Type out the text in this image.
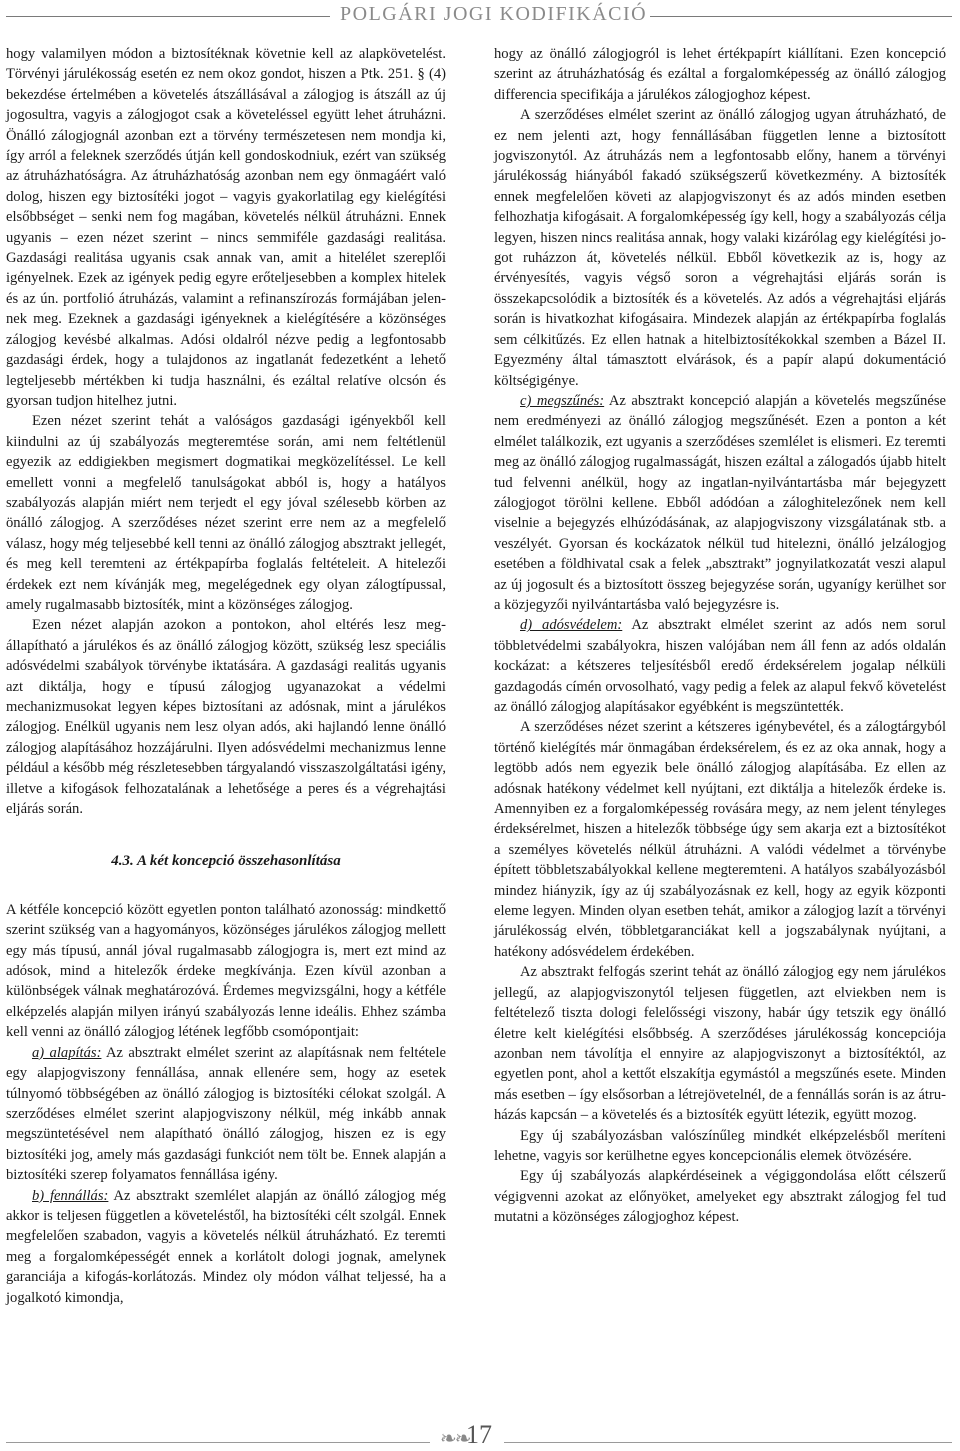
POLGÁRI JOGI KODIFIKÁCIÓ

hogy valamilyen módon a biztosítéknak követnie kell az alapkövetelést. Törvényi járulékosság esetén ez nem okoz gondot, hiszen a Ptk. 251. § (4) bekezdése értelmében a követelés átszállásával a zálogjog is átszáll az új jogosultra, vagyis a zálogjogot csak a követeléssel együtt lehet átruházni. Önálló zálogjognál azonban ezt a törvény természetesen nem mondja ki, így arról a feleknek szerződés útján kell gondoskodniuk, ezért van szükség az átruházhatóságra. Az átruházhatóság azonban nem egy önmagáért való dolog, hiszen egy biztosítéki jogot – vagyis gyakorlatilag egy kielégítési elsőbbséget – senki nem fog magában, követelés nélkül átruházni. Ennek ugyanis – ezen nézet szerint – nincs semmiféle gazdasági realitása. Gazdasági realitása ugyanis csak annak van, amit a hitelélet szereplői igényelnek. Ezek az igények pedig egyre erőteljesebben a komplex hitelek és az ún. portfolió átruházás, valamint a refinanszírozás formájában jelennek meg. Ezeknek a gazdasági igényeknek a kielégítésére a közönséges zálogjog kevésbé alkalmas. Adósi oldalról nézve pedig a legfontosabb gazdasági érdek, hogy a tulajdonos az ingatlanát fedezetként a lehető legteljesebb mértékben ki tudja használni, és ezáltal relatíve olcsón és gyorsan tudjon hitelhez jutni.

Ezen nézet szerint tehát a valóságos gazdasági igényekből kell kiindulni az új szabályozás megteremtése során, ami nem feltétlenül egyezik az eddigiekben megismert dogmatikai megközelítéssel. Le kell emellett vonni a megfelelő tanulságokat abból is, hogy a hatályos szabályozás alapján miért nem terjedt el egy jóval szélesebb körben az önálló zálogjog. A szerződéses nézet szerint erre nem az a megfelelő válasz, hogy még teljesebbé kell tenni az önálló zálogjog absztrakt jellegét, és meg kell teremteni az értékpapírba foglalás feltételeit. A hitelezői érdekek ezt nem kívánják meg, megelégednek egy olyan zálogtípussal, amely rugalmasabb biztosíték, mint a közönséges zálogjog.

Ezen nézet alapján azokon a pontokon, ahol eltérés lesz megállapítható a járulékos és az önálló zálogjog között, szükség lesz speciális adósvédelmi szabályok törvénybe iktatására. A gazdasági realitás ugyanis azt diktálja, hogy e típusú zálogjog ugyanazokat a védelmi mechanizmusokat legyen képes biztosítani az adósnak, mint a járulékos zálogjog. Enélkül ugyanis nem lesz olyan adós, aki hajlandó lenne önálló zálogjog alapításához hozzájárulni. Ilyen adósvédelmi mechanizmus lenne például a később még részletesebben tárgyalandó visszaszolgáltatási igény, illetve a kifogások felhozatalának a lehetősége a peres és a végrehajtási eljárás során.

4.3. A két koncepció összehasonlítása

A kétféle koncepció között egyetlen ponton található azonosság: mindkettő szerint szükség van a hagyományos, közönséges járulékos zálogjog mellett egy más típusú, annál jóval rugalmasabb zálogjogra is, mert ezt mind az adósok, mind a hitelezők érdeke megkívánja. Ezen kívül azonban a különbségek válnak meghatározóvá. Érdemes megvizsgálni, hogy a kétféle elképzelés alapján milyen irányú szabályozás lenne ideális. Ehhez számba kell venni az önálló zálogjog létének legfőbb csomópontjait:

a) alapítás: Az absztrakt elmélet szerint az alapításnak nem feltétele egy alapjogviszony fennállása, annak ellenére sem, hogy az esetek túlnyomó többségében az önálló zálogjog is biztosítéki célokat szolgál. A szerződéses elmélet szerint alapjogviszony nélkül, még inkább annak megszüntetésével nem alapítható önálló zálogjog, hiszen ez is egy biztosítéki jog, amely más gazdasági funkciót nem tölt be. Ennek alapján a biztosítéki szerep folyamatos fennállása igény.

b) fennállás: Az absztrakt szemlélet alapján az önálló zálogjog még akkor is teljesen független a követeléstől, ha biztosítéki célt szolgál. Ennek megfelelően szabadon, vagyis a követelés nélkül átruházható. Ez teremti meg a forgalomképességét ennek a korlátolt dologi jognak, amelynek garanciája a kifogás-korlátozás. Mindez oly módon válhat teljessé, ha a jogalkotó kimondja,

hogy az önálló zálogjogról is lehet értékpapírt kiállítani. Ezen koncepció szerint az átruházhatóság és ezáltal a forgalomképesség az önálló zálogjog differencia specifikája a járulékos zálogjoghoz képest.

A szerződéses elmélet szerint az önálló zálogjog ugyan átruházható, de ez nem jelenti azt, hogy fennállásában független lenne a biztosított jogviszonytól. Az átruházás nem a legfontosabb előny, hanem a törvényi járulékosság hiányából fakadó szükségszerű következmény. A biztosíték ennek megfelelően követi az alapjogviszonyt és az adós minden esetben felhozhatja kifogásait. A forgalomképesség így kell, hogy a szabályozás célja legyen, hiszen nincs realitása annak, hogy valaki kizárólag egy kielégítési jogot ruházzon át, követelés nélkül. Ebből következik az is, hogy az érvényesítés, vagyis végső soron a végrehajtási eljárás során is összekapcsolódik a biztosíték és a követelés. Az adós a végrehajtási eljárás során is hivatkozhat kifogásaira. Mindezek alapján az értékpapírba foglalás sem célkitűzés. Ez ellen hatnak a hitelbiztosítékokkal szemben a Bázel II. Egyezmény által támasztott elvárások, és a papír alapú dokumentáció költségigénye.

c) megszűnés: Az absztrakt koncepció alapján a követelés megszűnése nem eredményezi az önálló zálogjog megszűnését. Ezen a ponton a két elmélet találkozik, ezt ugyanis a szerződéses szemlélet is elismeri. Ez teremti meg az önálló zálogjog rugalmasságát, hiszen ezáltal a zálogadós újabb hitelt tud felvenni anélkül, hogy az ingatlan-nyilvántartásba már bejegyzett zálogjogot törölni kellene. Ebből adódóan a záloghitelezőnek nem kell viselnie a bejegyzés elhúzódásának, az alapjogviszony vizsgálatának stb. a veszélyét. Gyorsan és kockázatok nélkül tud hitelezni, önálló jelzálogjog esetében a földhivatal csak a felek „absztrakt” jognyilatkozatát veszi alapul az új jogosult és a biztosított összeg bejegyzése során, ugyanígy kerülhet sor a közjegyzői nyilvántartásba való bejegyzésre is.

d) adósvédelem: Az absztrakt elmélet szerint az adós nem sorul többletvédelmi szabályokra, hiszen valójában nem áll fenn az adós oldalán kockázat: a kétszeres teljesítésből eredő érdeksérelem jogalap nélküli gazdagodás címén orvosolható, vagy pedig a felek az alapul fekvő követelést az önálló zálogjog alapításakor egyébként is megszüntették.

A szerződéses nézet szerint a kétszeres igénybevétel, és a zálogtárgyból történő kielégítés már önmagában érdeksérelem, és ez az oka annak, hogy a legtöbb adós nem egyezik bele önálló zálogjog alapításába. Ez ellen az adósnak hatékony védelmet kell nyújtani, ezt diktálja a hitelezők érdeke is. Amennyiben ez a forgalomképesség rovására megy, az nem jelent tényleges érdeksérelmet, hiszen a hitelezők többsége úgy sem akarja ezt a biztosítékot a személyes követelés nélkül átruházni. A valódi védelmet a törvénybe épített többletszabályokkal kellene megteremteni. A hatályos szabályozásból mindez hiányzik, így az új szabályozásnak ez kell, hogy az egyik központi eleme legyen. Minden olyan esetben tehát, amikor a zálogjog lazít a törvényi járulékosság elvén, többletgaranciákat kell a jogszabálynak nyújtani, a hatékony adósvédelem érdekében.

Az absztrakt felfogás szerint tehát az önálló zálogjog egy nem járulékos jellegű, az alapjogviszonytól teljesen független, azt elviekben nem is feltételező tiszta dologi felelősségi viszony, habár úgy tetszik egy önálló életre kelt kielégítési elsőbbség. A szerződéses járulékosság koncepciója azonban nem távolítja el ennyire az alapjogviszonyt a biztosítéktól, az egyetlen pont, ahol a kettőt elszakítja egymástól a megszűnés esete. Minden más esetben – így elsősorban a létrejövetelnél, de a fennállás során is az átruházás kapcsán – a követelés és a biztosíték együtt létezik, együtt mozog.

Egy új szabályozásban valószínűleg mindkét elképzelésből meríteni lehetne, vagyis sor kerülhetne egyes koncepcionális elemek ötvözésére.

Egy új szabályozás alapkérdéseinek a végiggondolása előtt célszerű végigvenni azokat az előnyöket, amelyeket egy absztrakt zálogjog fel tud mutatni a közönséges zálogjoghoz képest.

❧❧
17
